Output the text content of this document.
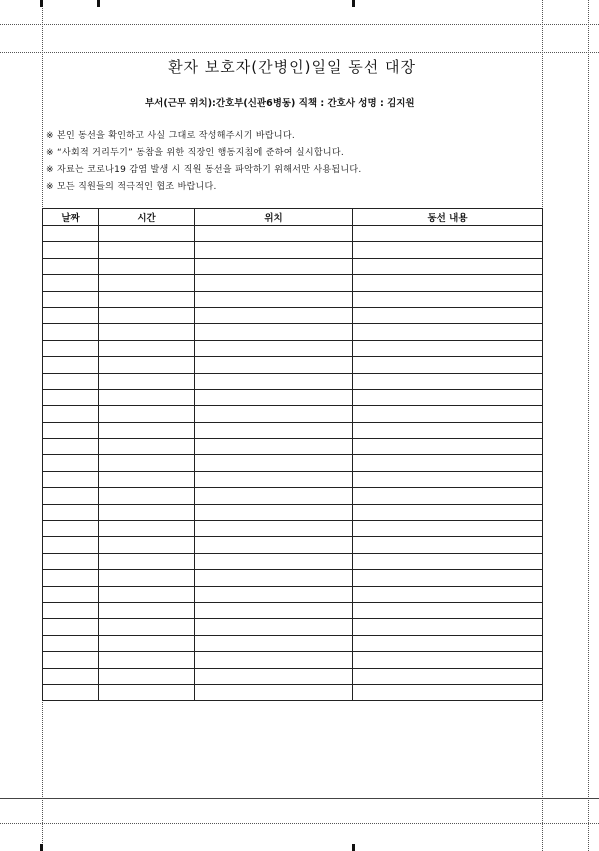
환자 보호자(간병인)일일 동선 대장
부서(근무 위치):간호부(신관6병동) 직책 : 간호사 성명 : 김지원
※ 본인 동선을 확인하고 사실 그대로 작성해주시기 바랍니다.
※ “사회적 거리두기” 동참을 위한 직장인 행동지침에 준하여 실시합니다.
※ 자료는 코로나19 감염 발생 시 직원 동선을 파악하기 위해서만 사용됩니다.
※ 모든 직원들의 적극적인 협조 바랍니다.
날짜	시간	위치	동선 내용
